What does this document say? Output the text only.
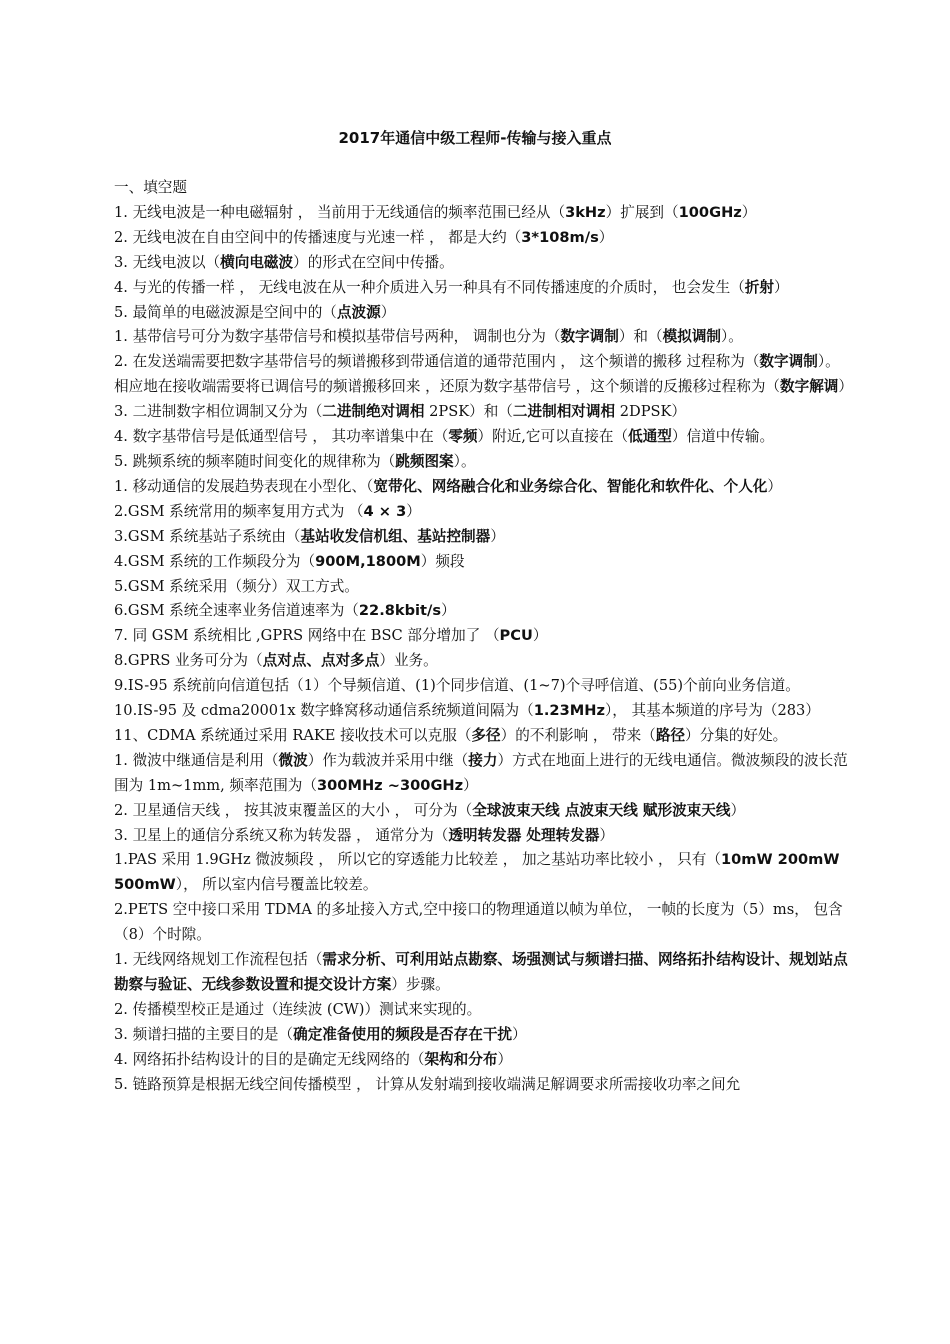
2017年通信中级工程师-传输与接入重点
一、填空题
1. 无线电波是一种电磁辐射 ， 当前用于无线通信的频率范围已经从（3kHz）扩展到（100GHz）
2. 无线电波在自由空间中的传播速度与光速一样 ， 都是大约（3*108m/s）
3. 无线电波以（横向电磁波）的形式在空间中传播。
4. 与光的传播一样 ， 无线电波在从一种介质进入另一种具有不同传播速度的介质时， 也会发生（折射）
5. 最简单的电磁波源是空间中的（点波源）
1. 基带信号可分为数字基带信号和模拟基带信号两种， 调制也分为（数字调制）和（模拟调制）。
2. 在发送端需要把数字基带信号的频谱搬移到带通信道的通带范围内 ， 这个频谱的搬移 过程称为（数字调制）。相应地在接收端需要将已调信号的频谱搬移回来 ，还原为数字基带信号 ，这个频谱的反搬移过程称为（数字解调）
3. 二进制数字相位调制又分为（二进制绝对调相 2PSK）和（二进制相对调相 2DPSK）
4. 数字基带信号是低通型信号 ， 其功率谱集中在（零频）附近,它可以直接在（低通型）信道中传输。
5. 跳频系统的频率随时间变化的规律称为（跳频图案）。
1. 移动通信的发展趋势表现在小型化、（宽带化、网络融合化和业务综合化、智能化和软件化、个人化）
2.GSM 系统常用的频率复用方式为 （4 × 3）
3.GSM 系统基站子系统由（基站收发信机组、基站控制器）
4.GSM 系统的工作频段分为（900M,1800M）频段
5.GSM 系统采用（频分）双工方式。
6.GSM 系统全速率业务信道速率为（22.8kbit/s）
7. 同 GSM 系统相比 ,GPRS 网络中在 BSC 部分增加了 （PCU）
8.GPRS 业务可分为（点对点、点对多点）业务。
9.IS-95 系统前向信道包括（1）个导频信道、(1)个同步信道、(1~7)个寻呼信道、(55)个前向业务信道。
10.IS-95 及 cdma20001x 数字蜂窝移动通信系统频道间隔为（1.23MHz）， 其基本频道的序号为（283）
11、CDMA 系统通过采用 RAKE 接收技术可以克服（多径）的不利影响 ， 带来（路径）分集的好处。
1. 微波中继通信是利用（微波）作为载波并采用中继（接力）方式在地面上进行的无线电通信。微波频段的波长范围为 1m~1mm, 频率范围为（300MHz ~300GHz）
2. 卫星通信天线 ， 按其波束覆盖区的大小 ， 可分为（全球波束天线 点波束天线 赋形波束天线）
3. 卫星上的通信分系统又称为转发器 ， 通常分为（透明转发器 处理转发器）
1.PAS 采用 1.9GHz 微波频段 ， 所以它的穿透能力比较差 ， 加之基站功率比较小 ， 只有（10mW 200mW 500mW）， 所以室内信号覆盖比较差。
2.PETS 空中接口采用 TDMA 的多址接入方式,空中接口的物理通道以帧为单位， 一帧的长度为（5）ms， 包含（8）个时隙。
1. 无线网络规划工作流程包括（需求分析、可利用站点勘察、场强测试与频谱扫描、网络拓扑结构设计、规划站点勘察与验证、无线参数设置和提交设计方案）步骤。
2. 传播模型校正是通过（连续波 (CW)）测试来实现的。
3. 频谱扫描的主要目的是（确定准备使用的频段是否存在干扰）
4. 网络拓扑结构设计的目的是确定无线网络的（架构和分布）
5. 链路预算是根据无线空间传播模型 ， 计算从发射端到接收端满足解调要求所需接收功率之间允
